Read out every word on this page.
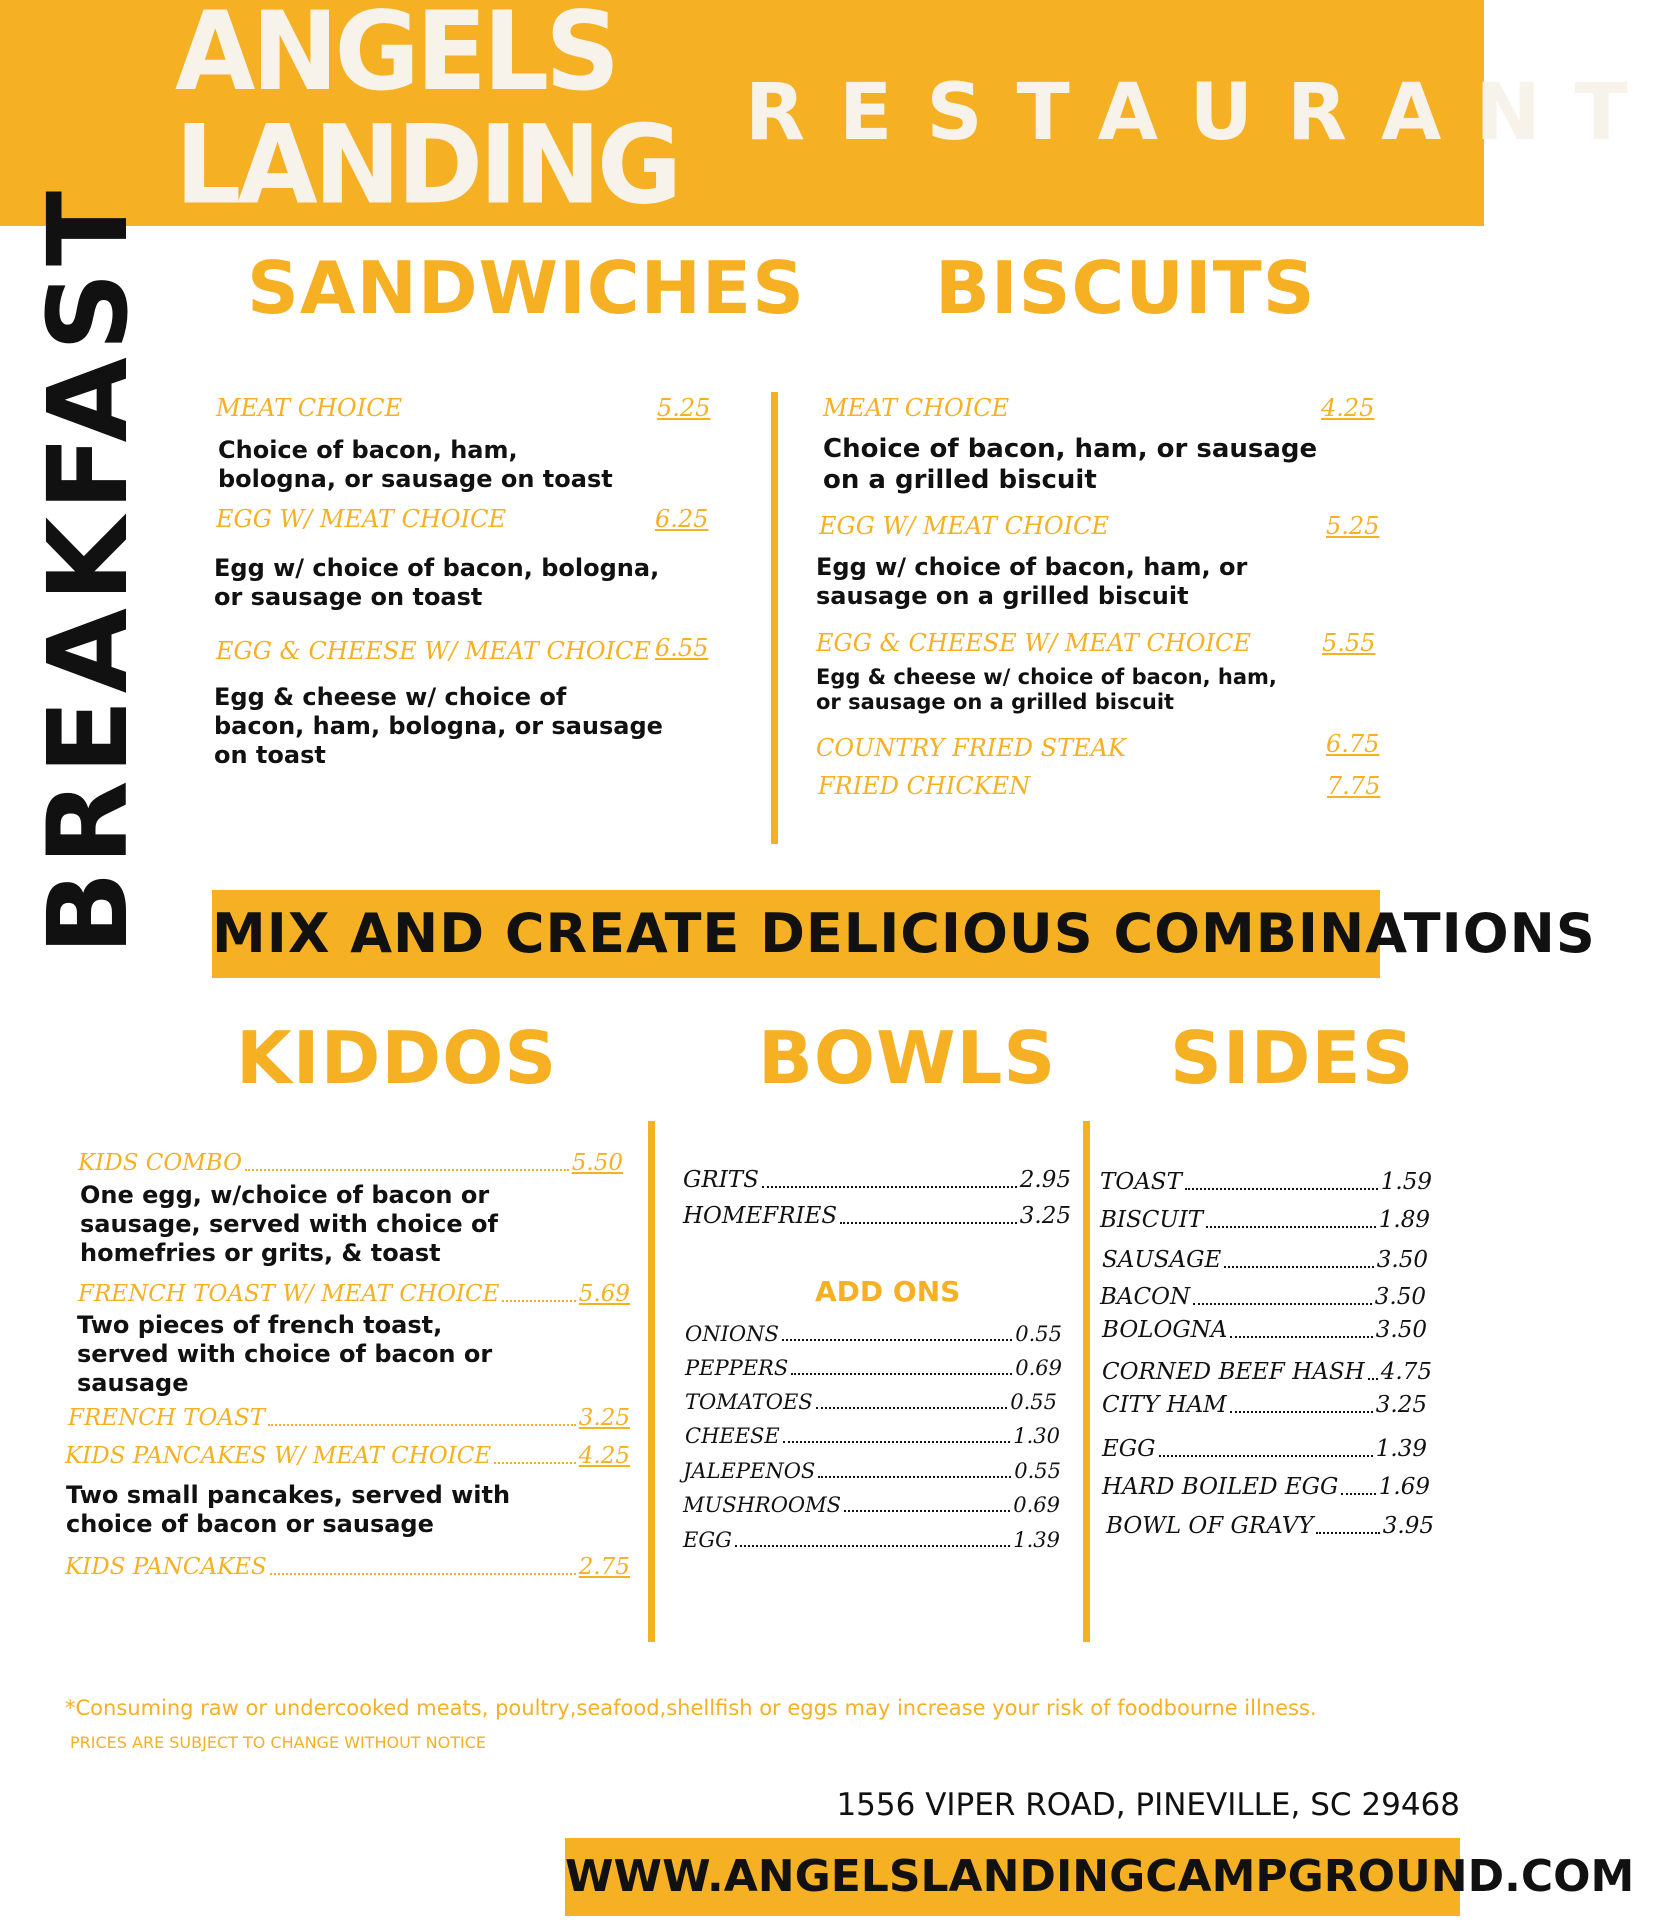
ANGELS
LANDING RESTAURANT
BREAKFAST SANDWICHES
MEAT CHOICE	5.25
Choice of bacon, ham, bologna, or sausage on toast
EGG W/ MEAT CHOICE	6.25
Egg w/ choice of bacon, bologna, or sausage on toast
EGG & CHEESE W/ MEAT CHOICE 6.55
Egg & cheese w/ choice of bacon, ham, bologna, or sausage on toast
BISCUITS
MEAT CHOICE	4.25
Choice of bacon, ham, or sausage on a grilled biscuit
EGG W/ MEAT CHOICE	5.25
Egg w/ choice of bacon, ham, or sausage on a grilled biscuit
EGG & CHEESE W/ MEAT CHOICE	5.55
Egg & cheese w/ choice of bacon, ham, or sausage on a grilled biscuit
COUNTRY FRIED STEAK	6.75
FRIED CHICKEN	7.75
MIX AND CREATE DELICIOUS COMBINATIONS
KIDDOS	BOWLS SIDES
KIDS COMBO	5.50
One egg, w/choice of bacon or sausage, served with choice of homefries or grits, & toast
FRENCH TOAST W/ MEAT CHOICE	5.69
Two pieces of french toast, served with choice of bacon or sausage
FRENCH TOAST	3.25
KIDS PANCAKES W/ MEAT CHOICE	4.25
Two small pancakes, served with choice of bacon or sausage
KIDS PANCAKES	2.75
GRITS	2.95
HOMEFRIES	3.25
ADD ONS
ONIONS	0.55
PEPPERS	0.69
TOMATOES	0.55
CHEESE	1.30
JALEPENOS	0.55
MUSHROOMS	0.69
EGG	1.39
TOAST	1.59
BISCUIT	1.89
SAUSAGE	3.50
BACON	3.50
BOLOGNA	3.50
CORNED BEEF HASH 4.75
CITY HAM	3.25
EGG	1.39
HARD BOILED EGG 1.69
BOWL OF GRAVY	3.95
*Consuming raw or undercooked meats, poultry,seafood,shellfish or eggs may increase your risk of foodbourne illness.
PRICES ARE SUBJECT TO CHANGE WITHOUT NOTICE
1556 VIPER ROAD, PINEVILLE, SC 29468
WWW.ANGELSLANDINGCAMPGROUND.COM
